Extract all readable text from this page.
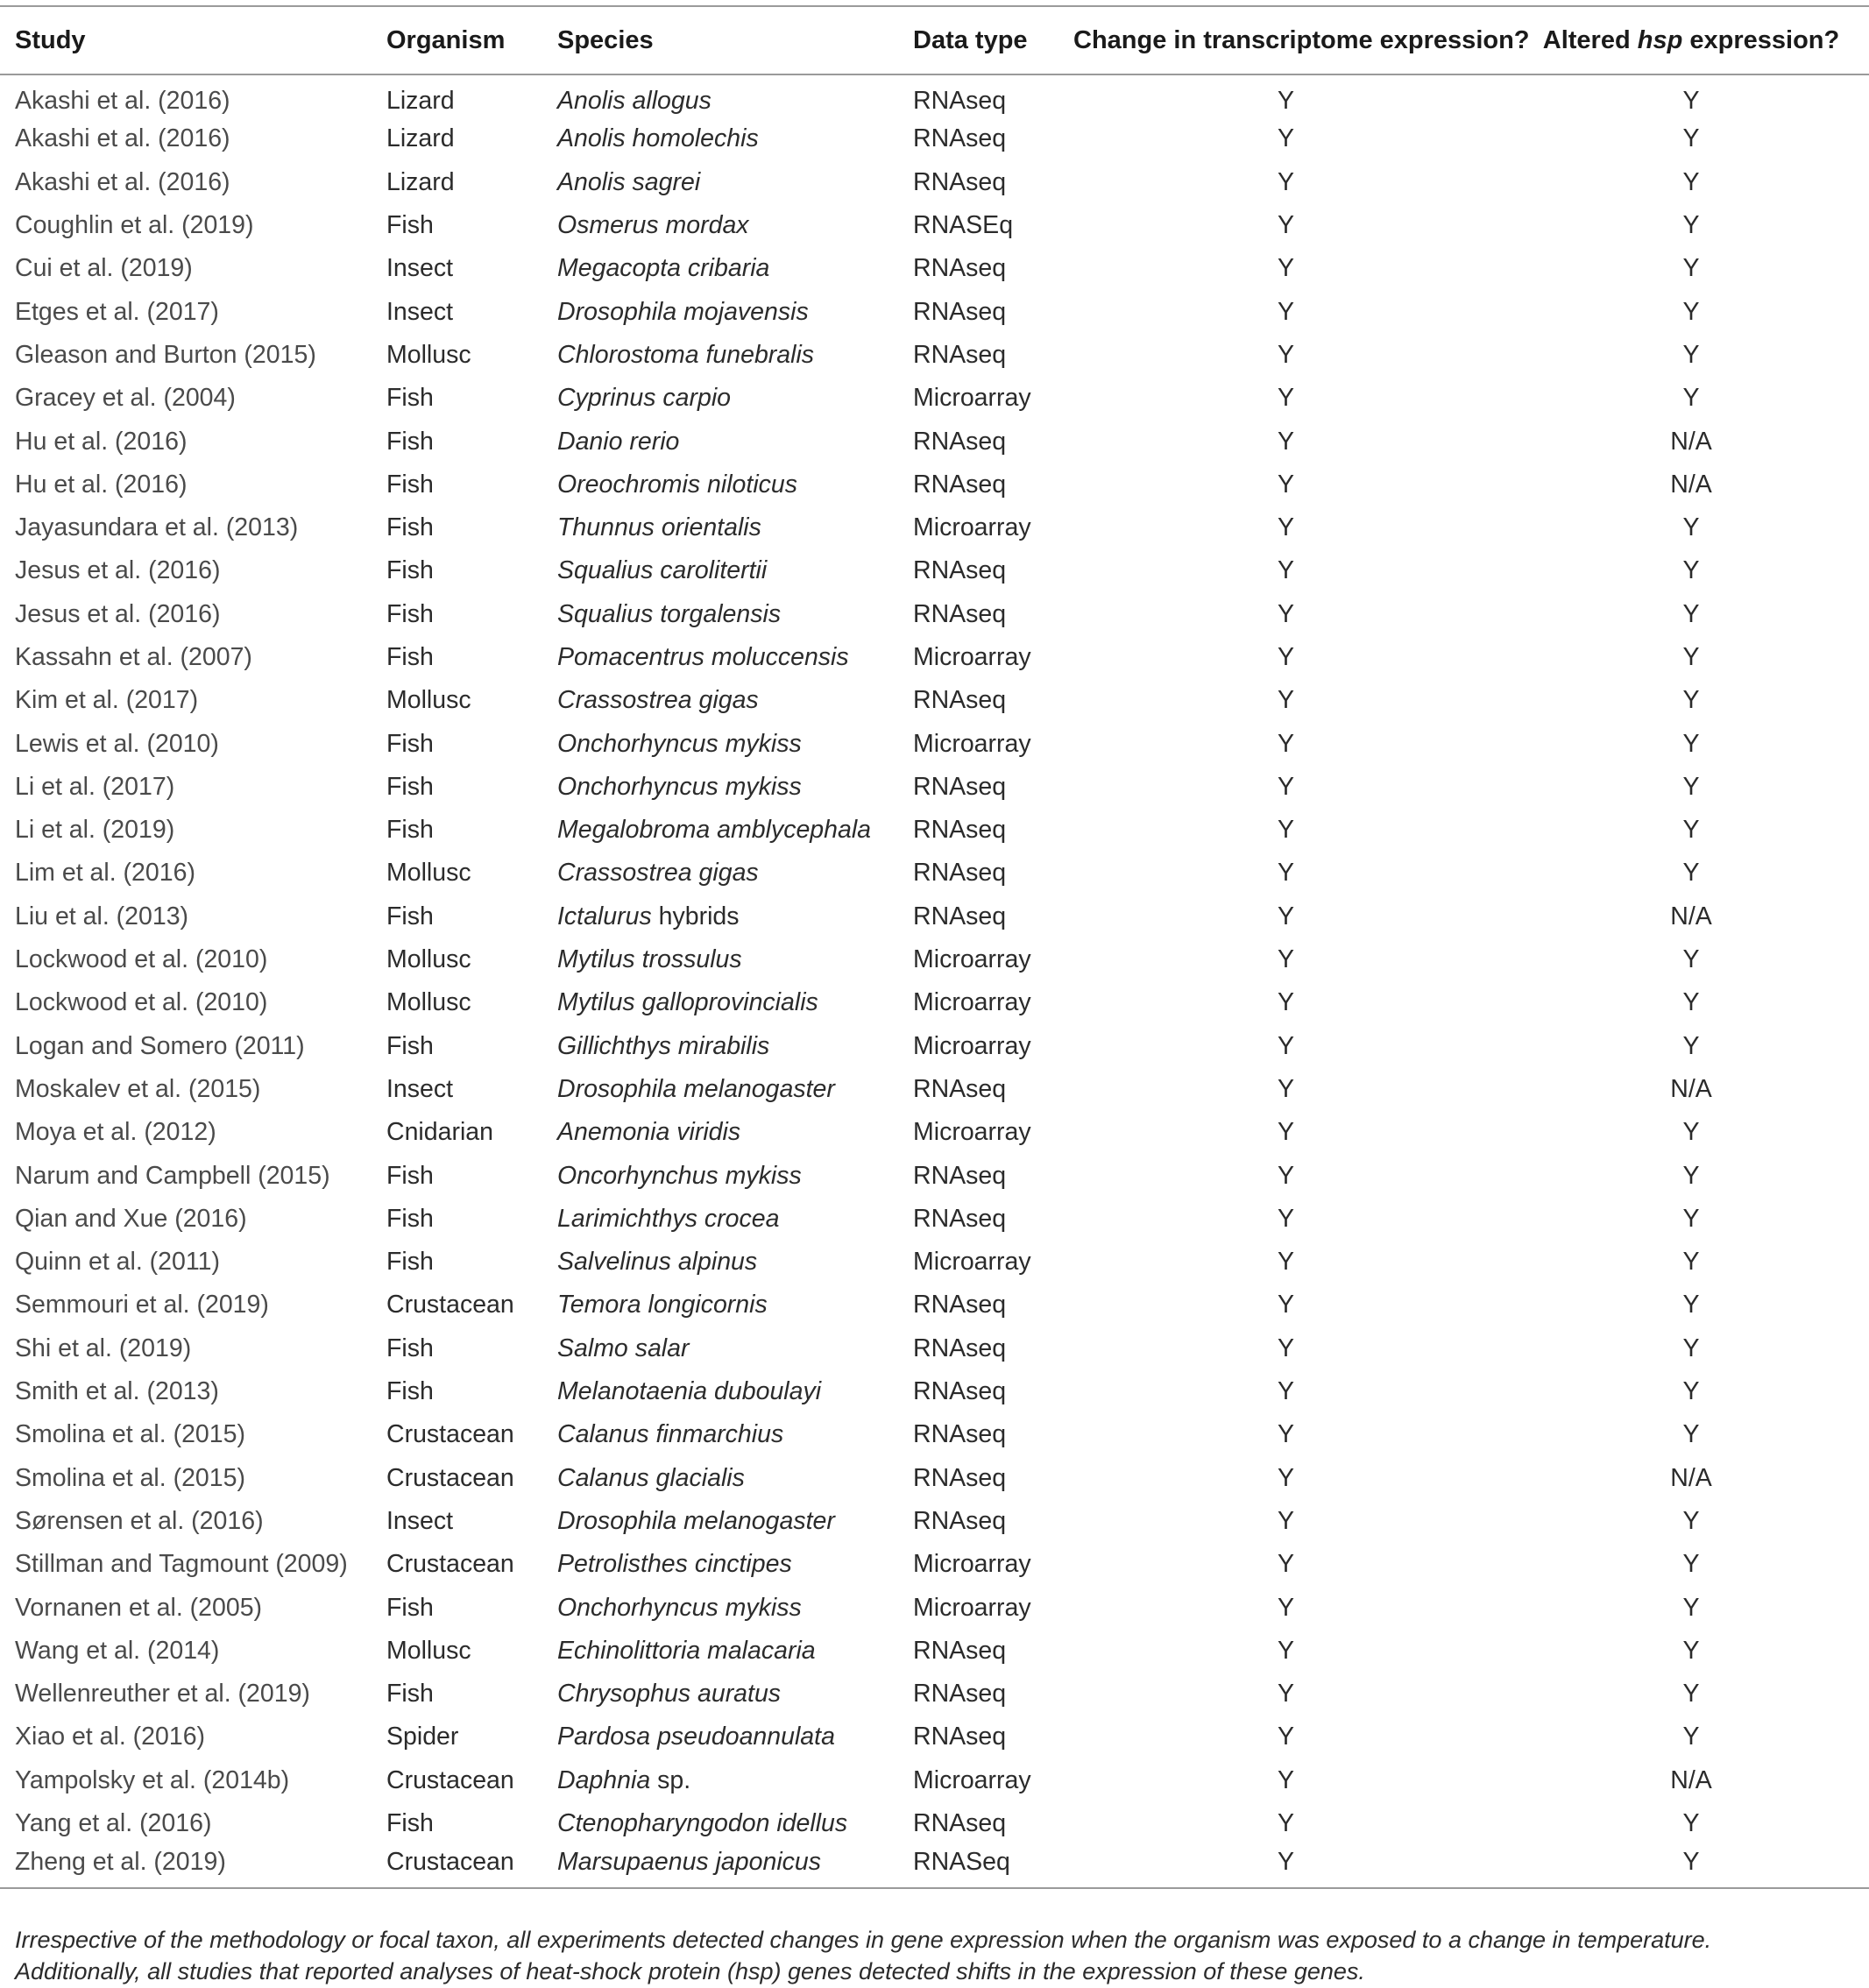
Study	Organism	Species	Data type	Change in transcriptome expression?	Altered hsp expression?
Akashi et al. (2016)	Lizard	Anolis allogus	RNAseq	Y	Y
Akashi et al. (2016)	Lizard	Anolis homolechis	RNAseq	Y	Y
Akashi et al. (2016)	Lizard	Anolis sagrei	RNAseq	Y	Y
Coughlin et al. (2019)	Fish	Osmerus mordax	RNASEq	Y	Y
Cui et al. (2019)	Insect	Megacopta cribaria	RNAseq	Y	Y
Etges et al. (2017)	Insect	Drosophila mojavensis	RNAseq	Y	Y
Gleason and Burton (2015)	Mollusc	Chlorostoma funebralis	RNAseq	Y	Y
Gracey et al. (2004)	Fish	Cyprinus carpio	Microarray	Y	Y
Hu et al. (2016)	Fish	Danio rerio	RNAseq	Y	N/A
Hu et al. (2016)	Fish	Oreochromis niloticus	RNAseq	Y	N/A
Jayasundara et al. (2013)	Fish	Thunnus orientalis	Microarray	Y	Y
Jesus et al. (2016)	Fish	Squalius carolitertii	RNAseq	Y	Y
Jesus et al. (2016)	Fish	Squalius torgalensis	RNAseq	Y	Y
Kassahn et al. (2007)	Fish	Pomacentrus moluccensis	Microarray	Y	Y
Kim et al. (2017)	Mollusc	Crassostrea gigas	RNAseq	Y	Y
Lewis et al. (2010)	Fish	Onchorhyncus mykiss	Microarray	Y	Y
Li et al. (2017)	Fish	Onchorhyncus mykiss	RNAseq	Y	Y
Li et al. (2019)	Fish	Megalobroma amblycephala	RNAseq	Y	Y
Lim et al. (2016)	Mollusc	Crassostrea gigas	RNAseq	Y	Y
Liu et al. (2013)	Fish	Ictalurus hybrids	RNAseq	Y	N/A
Lockwood et al. (2010)	Mollusc	Mytilus trossulus	Microarray	Y	Y
Lockwood et al. (2010)	Mollusc	Mytilus galloprovincialis	Microarray	Y	Y
Logan and Somero (2011)	Fish	Gillichthys mirabilis	Microarray	Y	Y
Moskalev et al. (2015)	Insect	Drosophila melanogaster	RNAseq	Y	N/A
Moya et al. (2012)	Cnidarian	Anemonia viridis	Microarray	Y	Y
Narum and Campbell (2015)	Fish	Oncorhynchus mykiss	RNAseq	Y	Y
Qian and Xue (2016)	Fish	Larimichthys crocea	RNAseq	Y	Y
Quinn et al. (2011)	Fish	Salvelinus alpinus	Microarray	Y	Y
Semmouri et al. (2019)	Crustacean	Temora longicornis	RNAseq	Y	Y
Shi et al. (2019)	Fish	Salmo salar	RNAseq	Y	Y
Smith et al. (2013)	Fish	Melanotaenia duboulayi	RNAseq	Y	Y
Smolina et al. (2015)	Crustacean	Calanus finmarchius	RNAseq	Y	Y
Smolina et al. (2015)	Crustacean	Calanus glacialis	RNAseq	Y	N/A
Sørensen et al. (2016)	Insect	Drosophila melanogaster	RNAseq	Y	Y
Stillman and Tagmount (2009)	Crustacean	Petrolisthes cinctipes	Microarray	Y	Y
Vornanen et al. (2005)	Fish	Onchorhyncus mykiss	Microarray	Y	Y
Wang et al. (2014)	Mollusc	Echinolittoria malacaria	RNAseq	Y	Y
Wellenreuther et al. (2019)	Fish	Chrysophus auratus	RNAseq	Y	Y
Xiao et al. (2016)	Spider	Pardosa pseudoannulata	RNAseq	Y	Y
Yampolsky et al. (2014b)	Crustacean	Daphnia sp.	Microarray	Y	N/A
Yang et al. (2016)	Fish	Ctenopharyngodon idellus	RNAseq	Y	Y
Zheng et al. (2019)	Crustacean	Marsupaenus japonicus	RNASeq	Y	Y

Irrespective of the methodology or focal taxon, all experiments detected changes in gene expression when the organism was exposed to a change in temperature.

Additionally, all studies that reported analyses of heat-shock protein (hsp) genes detected shifts in the expression of these genes.
